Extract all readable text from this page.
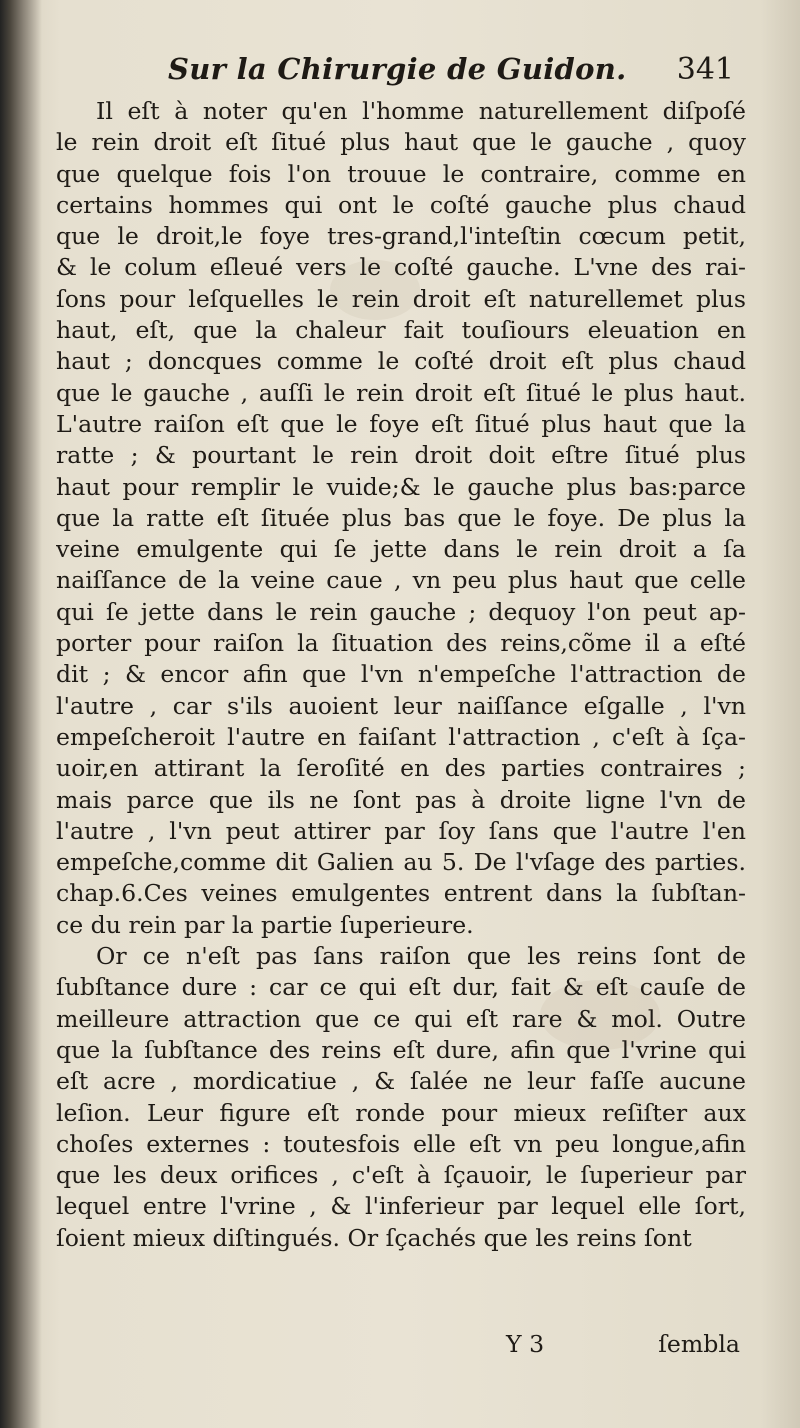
Sur la Chirurgie de Guidon. 341
Il eſt à noter qu'en l'homme naturellement diſpoſé
le rein droit eſt ſitué plus haut que le gauche , quoy
que quelque fois l'on trouue le contraire, comme en
certains hommes qui ont le coſté gauche plus chaud
que le droit,le foye tres-grand,l'inteſtin cœcum petit,
& le colum eſleué vers le coſté gauche. L'vne des rai-
ſons pour leſquelles le rein droit eſt naturellemet plus
haut, eſt, que la chaleur fait touſiours eleuation en
haut ; doncques comme le coſté droit eſt plus chaud
que le gauche , auſſi le rein droit eſt ſitué le plus haut.
L'autre raiſon eſt que le foye eſt ſitué plus haut que la
ratte ; & pourtant le rein droit doit eſtre ſitué plus
haut pour remplir le vuide;& le gauche plus bas:parce
que la ratte eſt ſituée plus bas que le foye. De plus la
veine emulgente qui ſe jette dans le rein droit a ſa
naiſſance de la veine caue , vn peu plus haut que celle
qui ſe jette dans le rein gauche ; dequoy l'on peut ap-
porter pour raiſon la ſituation des reins,cõme il a eſté
dit ; & encor afin que l'vn n'empeſche l'attraction de
l'autre , car s'ils auoient leur naiſſance eſgalle , l'vn
empeſcheroit l'autre en faiſant l'attraction , c'eſt à ſça-
uoir,en attirant la ſeroſité en des parties contraires ;
mais parce que ils ne ſont pas à droite ligne l'vn de
l'autre , l'vn peut attirer par ſoy ſans que l'autre l'en
empeſche,comme dit Galien au 5. De l'vſage des parties.
chap.6.Ces veines emulgentes entrent dans la ſubſtan-
ce du rein par la partie ſuperieure.
Or ce n'eſt pas ſans raiſon que les reins ſont de
ſubſtance dure : car ce qui eſt dur, fait & eſt cauſe de
meilleure attraction que ce qui eſt rare & mol. Outre
que la ſubſtance des reins eſt dure, afin que l'vrine qui
eſt acre , mordicatiue , & ſalée ne leur faſſe aucune
leſion. Leur figure eſt ronde pour mieux reſiſter aux
choſes externes : toutesfois elle eſt vn peu longue,afin
que les deux orifices , c'eſt à ſçauoir, le ſuperieur par
lequel entre l'vrine , & l'inferieur par lequel elle ſort,
ſoient mieux diſtingués. Or ſçachés que les reins ſont
Y 3	ſembla
